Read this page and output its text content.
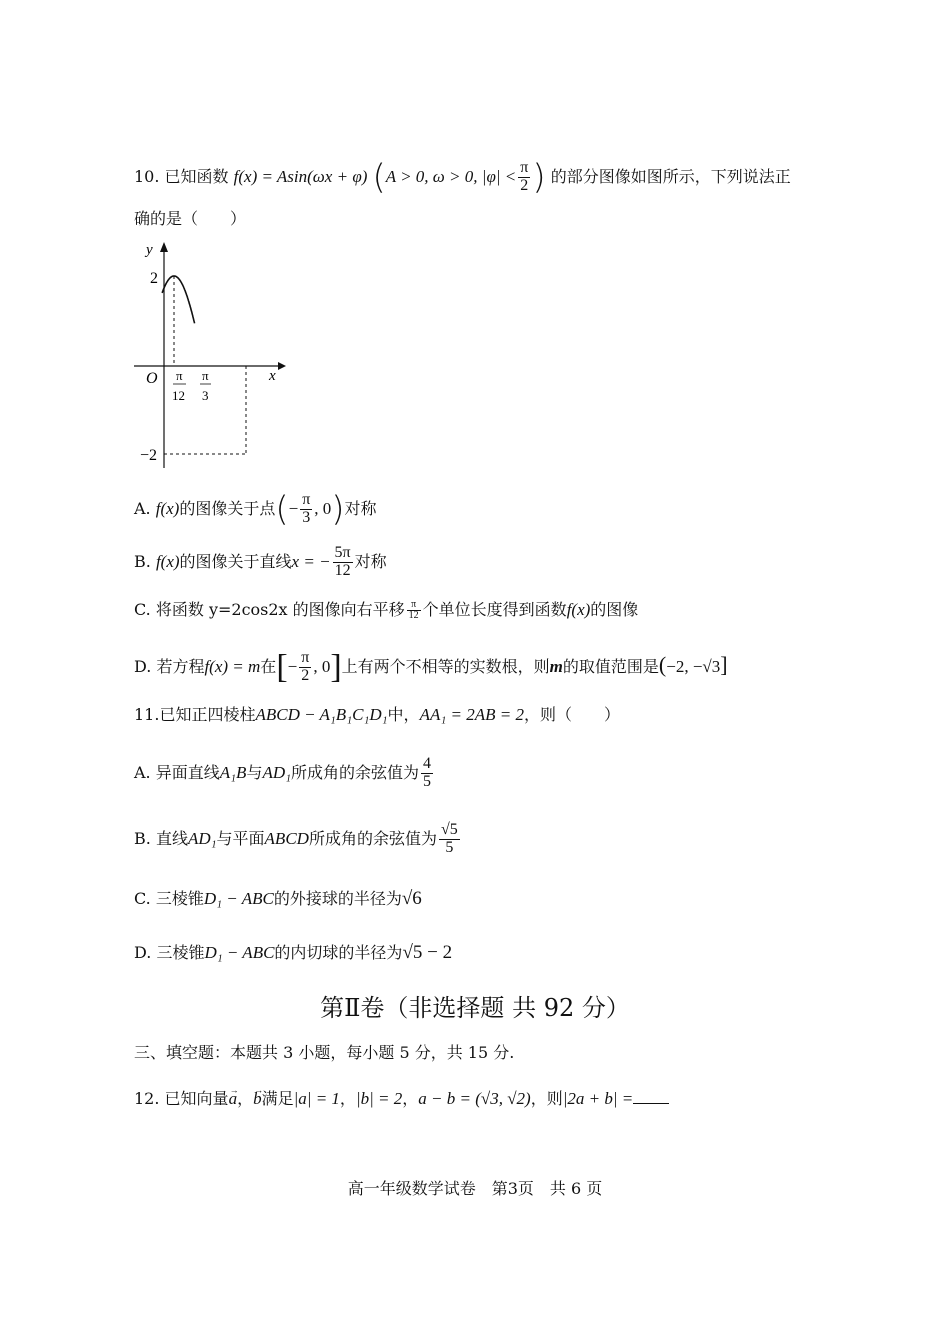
10. 已知函数 f(x) = Asin(ωx + φ) (A > 0, ω > 0, $|\varphi| < \frac{\pi}{2}$ ) 的部分图像如图所示，下列说法正
确的是（　　）
y
x
O
2
−2
π
12
π
3
A. f(x)的图像关于点(− $\frac{\pi}{3}$ , 0)对称
B. f(x)的图像关于直线x = − $\frac{5\pi}{12}$ 对称
C. 将函数 y=2cos2x 的图像向右平移 $\frac{\pi}{12}$ 个单位长度得到函数f(x)的图像
D. 若方程f(x) = m在[− $\frac{\pi}{2}$ , 0]上有两个不相等的实数根，则m的取值范围是(−2, −√3]
11.已知正四棱柱ABCD − A₁B₁C₁D₁中，AA₁ = 2AB = 2，则（　　）
A. 异面直线A₁B与AD₁所成角的余弦值为 $\frac{4}{5}$
B. 直线AD₁与平面ABCD所成角的余弦值为 $\frac{√5}{5}$
C. 三棱锥D₁ − ABC的外接球的半径为√6
D. 三棱锥D₁ − ABC的内切球的半径为√5 − 2
第Ⅱ卷（非选择题 共 92 分）
三、填空题：本题共 3 小题，每小题 5 分，共 15 分.
12. 已知向量→ a，→ b满足|a| = 1，|b| = 2，a − b = (√3, √2)，则|2a + b| =
高一年级数学试卷　第3页　共 6 页
